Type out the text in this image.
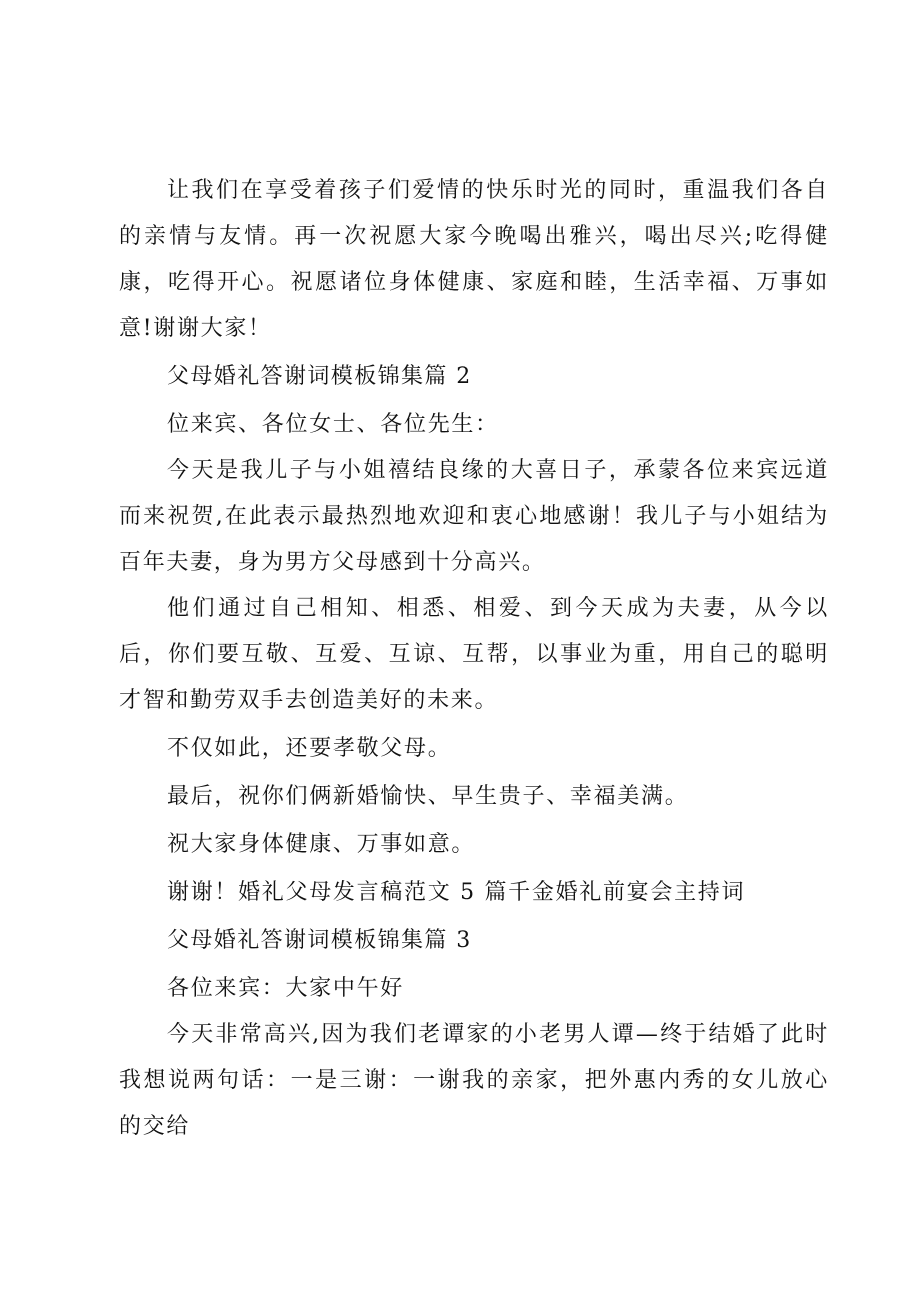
让我们在享受着孩子们爱情的快乐时光的同时，重温我们各自的亲情与友情。再一次祝愿大家今晚喝出雅兴，喝出尽兴;吃得健康，吃得开心。祝愿诸位身体健康、家庭和睦，生活幸福、万事如意!谢谢大家！

父母婚礼答谢词模板锦集篇 2

位来宾、各位女士、各位先生：

今天是我儿子与小姐禧结良缘的大喜日子，承蒙各位来宾远道而来祝贺,在此表示最热烈地欢迎和衷心地感谢！我儿子与小姐结为百年夫妻，身为男方父母感到十分高兴。

他们通过自己相知、相悉、相爱、到今天成为夫妻，从今以后，你们要互敬、互爱、互谅、互帮，以事业为重，用自己的聪明才智和勤劳双手去创造美好的未来。

不仅如此，还要孝敬父母。

最后，祝你们俩新婚愉快、早生贵子、幸福美满。

祝大家身体健康、万事如意。

谢谢！婚礼父母发言稿范文 5 篇千金婚礼前宴会主持词

父母婚礼答谢词模板锦集篇 3

各位来宾：大家中午好

今天非常高兴,因为我们老谭家的小老男人谭—终于结婚了此时我想说两句话：一是三谢：一谢我的亲家，把外惠内秀的女儿放心的交给
